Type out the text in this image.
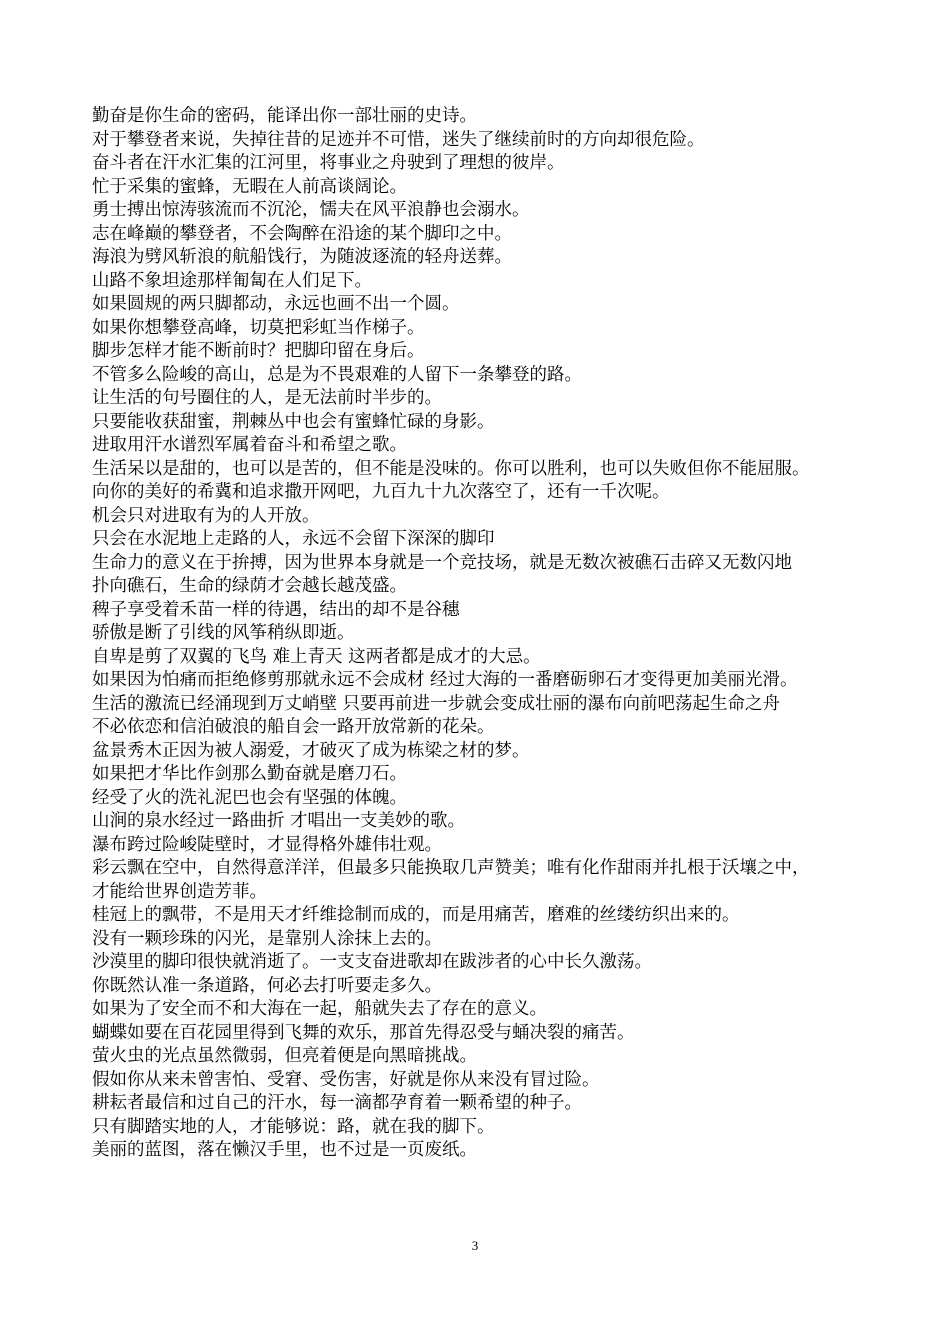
勤奋是你生命的密码，能译出你一部壮丽的史诗。
对于攀登者来说，失掉往昔的足迹并不可惜，迷失了继续前时的方向却很危险。
奋斗者在汗水汇集的江河里，将事业之舟驶到了理想的彼岸。
忙于采集的蜜蜂，无暇在人前高谈阔论。
勇士搏出惊涛骇流而不沉沦，懦夫在风平浪静也会溺水。
志在峰巅的攀登者，不会陶醉在沿途的某个脚印之中。
海浪为劈风斩浪的航船饯行，为随波逐流的轻舟送葬。
山路不象坦途那样匍匐在人们足下。
如果圆规的两只脚都动，永远也画不出一个圆。
如果你想攀登高峰，切莫把彩虹当作梯子。
脚步怎样才能不断前时？把脚印留在身后。
不管多么险峻的高山，总是为不畏艰难的人留下一条攀登的路。
让生活的句号圈住的人，是无法前时半步的。
只要能收获甜蜜，荆棘丛中也会有蜜蜂忙碌的身影。
进取用汗水谱烈军属着奋斗和希望之歌。
生活呆以是甜的，也可以是苦的，但不能是没味的。你可以胜利，也可以失败但你不能屈服。
向你的美好的希冀和追求撒开网吧，九百九十九次落空了，还有一千次呢。
机会只对进取有为的人开放。
只会在水泥地上走路的人，永远不会留下深深的脚印
生命力的意义在于拚搏，因为世界本身就是一个竞技场，就是无数次被礁石击碎又无数闪地
扑向礁石，生命的绿荫才会越长越茂盛。
稗子享受着禾苗一样的待遇，结出的却不是谷穗
骄傲是断了引线的风筝稍纵即逝。
自卑是剪了双翼的飞鸟 难上青天 这两者都是成才的大忌。
如果因为怕痛而拒绝修剪那就永远不会成材 经过大海的一番磨砺卵石才变得更加美丽光滑。
生活的激流已经涌现到万丈峭壁 只要再前进一步就会变成壮丽的瀑布向前吧荡起生命之舟
不必依恋和信泊破浪的船自会一路开放常新的花朵。
盆景秀木正因为被人溺爱，才破灭了成为栋梁之材的梦。
如果把才华比作剑那么勤奋就是磨刀石。
经受了火的洗礼泥巴也会有坚强的体魄。
山涧的泉水经过一路曲折 才唱出一支美妙的歌。
瀑布跨过险峻陡壁时，才显得格外雄伟壮观。
彩云飘在空中，自然得意洋洋，但最多只能换取几声赞美；唯有化作甜雨并扎根于沃壤之中，
才能给世界创造芳菲。
桂冠上的飘带，不是用天才纤维捻制而成的，而是用痛苦，磨难的丝缕纺织出来的。
没有一颗珍珠的闪光，是靠别人涂抹上去的。
沙漠里的脚印很快就消逝了。一支支奋进歌却在跋涉者的心中长久激荡。
你既然认准一条道路，何必去打听要走多久。
如果为了安全而不和大海在一起，船就失去了存在的意义。
蝴蝶如要在百花园里得到飞舞的欢乐，那首先得忍受与蛹决裂的痛苦。
萤火虫的光点虽然微弱，但亮着便是向黑暗挑战。
假如你从来未曾害怕、受窘、受伤害，好就是你从来没有冒过险。
耕耘者最信和过自己的汗水，每一滴都孕育着一颗希望的种子。
只有脚踏实地的人，才能够说：路，就在我的脚下。
美丽的蓝图，落在懒汉手里，也不过是一页废纸。
3
